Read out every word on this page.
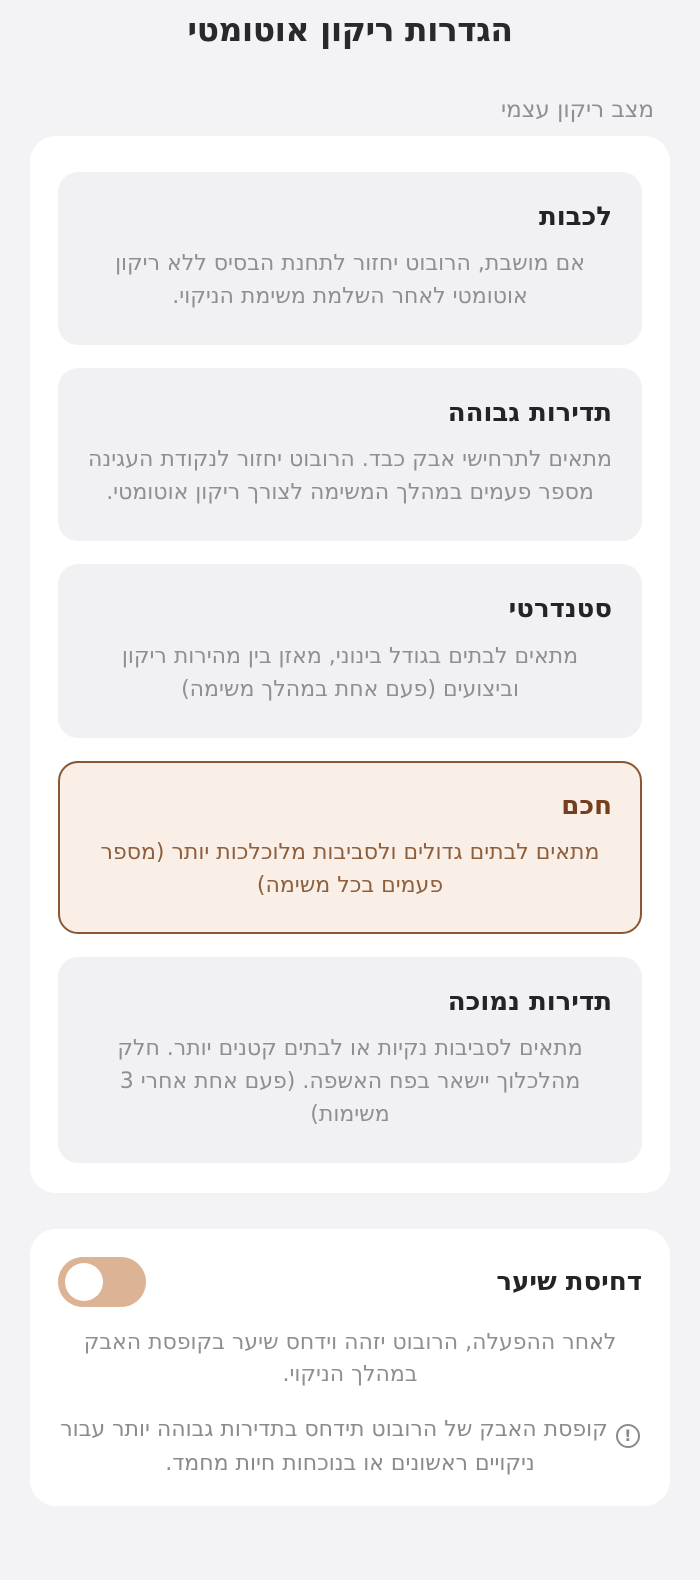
הגדרות ריקון אוטומטי
מצב ריקון עצמי
לכבות
אם מושבת, הרובוט יחזור לתחנת הבסיס ללא ריקון אוטומטי לאחר השלמת משימת הניקוי.
תדירות גבוהה
מתאים לתרחישי אבק כבד. הרובוט יחזור לנקודת העגינה מספר פעמים במהלך המשימה לצורך ריקון אוטומטי.
סטנדרטי
מתאים לבתים בגודל בינוני, מאזן בין מהירות ריקון וביצועים (פעם אחת במהלך משימה)
חכם
מתאים לבתים גדולים ולסביבות מלוכלכות יותר (מספר פעמים בכל משימה)
תדירות נמוכה
מתאים לסביבות נקיות או לבתים קטנים יותר. חלק מהלכלוך יישאר בפח האשפה. (פעם אחת אחרי 3 משימות)
דחיסת שיער
לאחר ההפעלה, הרובוט יזהה וידחס שיער בקופסת האבק במהלך הניקוי.
!קופסת האבק של הרובוט תידחס בתדירות גבוהה יותר עבור ניקויים ראשונים או בנוכחות חיות מחמד.
